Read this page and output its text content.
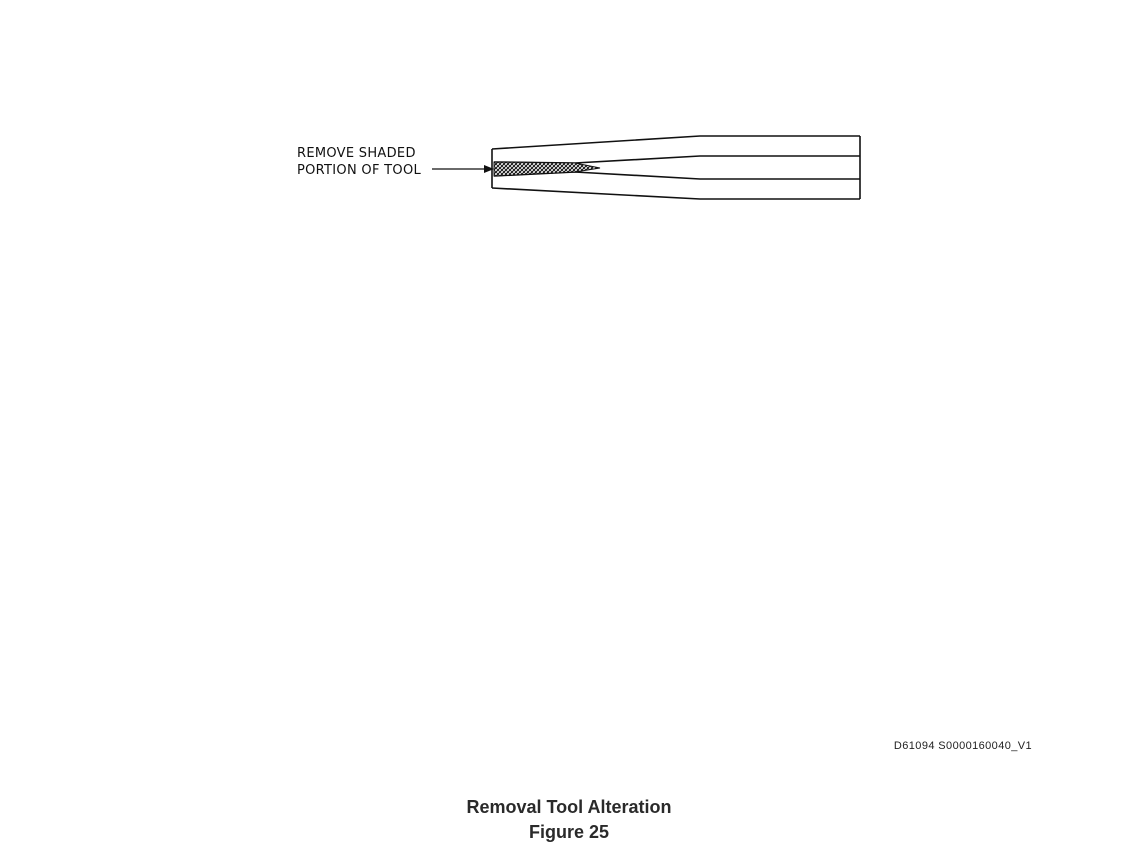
REMOVE SHADED
PORTION OF TOOL
D61094 S0000160040_V1
Removal Tool Alteration
Figure 25
